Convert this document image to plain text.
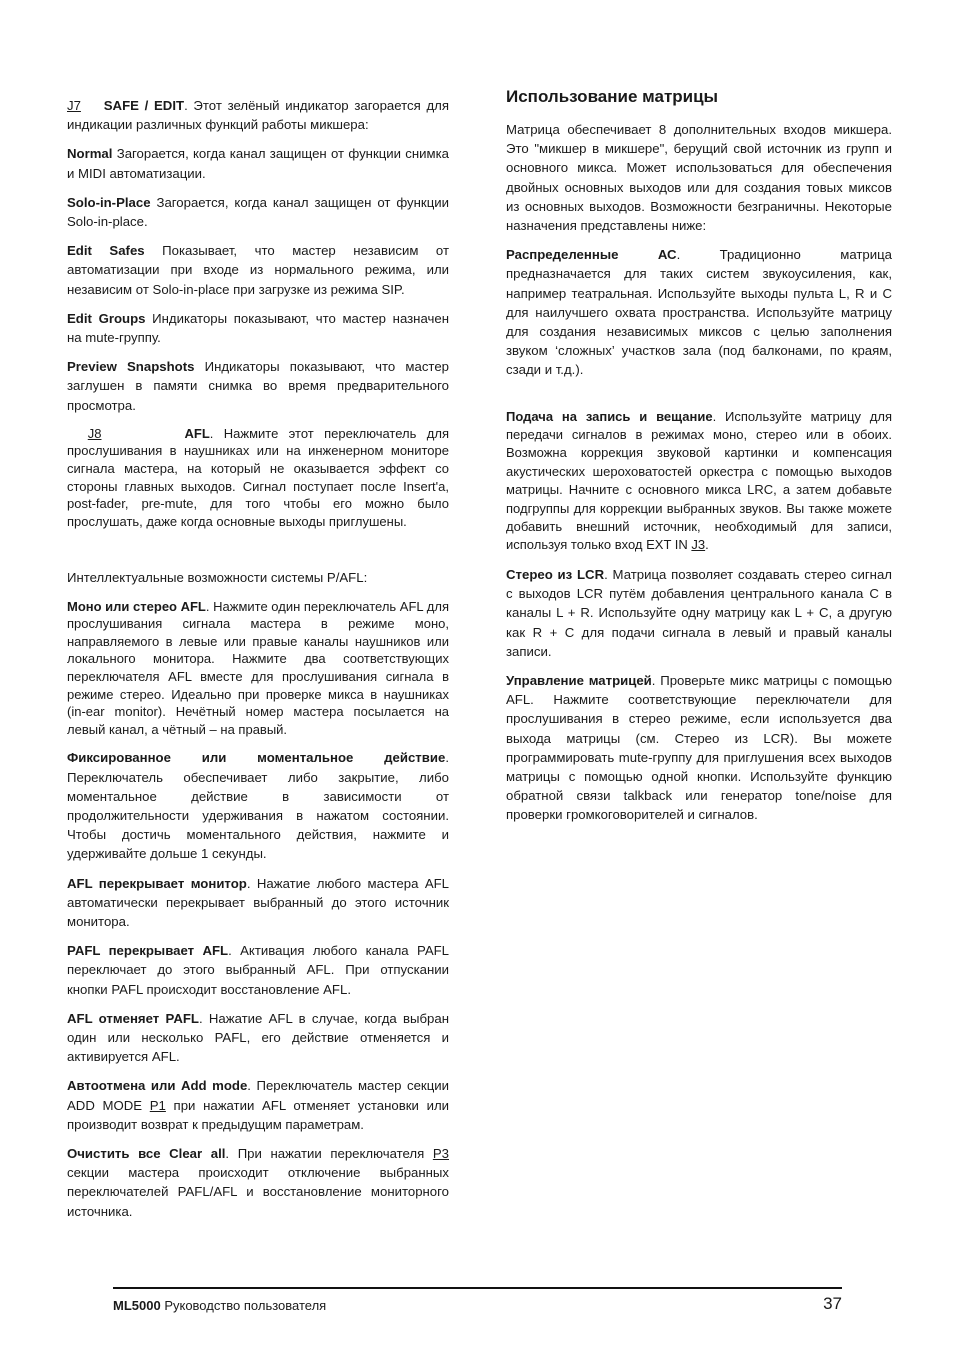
J7 SAFE / EDIT. Этот зелёный индикатор загорается для индикации различных функций работы микшера:

Normal Загорается, когда канал защищен от функции снимка и MIDI автоматизации.

Solo-in-Place Загорается, когда канал защищен от функции Solo-in-place.

Edit Safes Показывает, что мастер независим от автоматизации при входе из нормального режима, или независим от Solo-in-place при загрузке из режима SIP.

Edit Groups Индикаторы показывают, что мастер назначен на mute-группу.

Preview Snapshots Индикаторы показывают, что мастер заглушен в памяти снимка во время предварительного просмотра.

J8	AFL. Нажмите этот переключатель для прослушивания в наушниках или на инженерном мониторе сигнала мастера, на который не оказывается эффект со стороны главных выходов. Сигнал поступает после Insert'a, post-fader, pre-mute, для того чтобы его можно было прослушать, даже когда основные выходы приглушены.

Интеллектуальные возможности системы P/AFL:

Моно или стерео AFL. Нажмите один переключатель AFL для прослушивания сигнала мастера в режиме моно, направляемого в левые или правые каналы наушников или локального монитора. Нажмите два соответствующих переключателя AFL вместе для прослушивания сигнала в режиме стерео. Идеально при проверке микса в наушниках (in-ear monitor). Нечётный номер мастера посылается на левый канал, а чётный – на правый.

Фиксированное или моментальное действие. Переключатель обеспечивает либо закрытие, либо моментальное действие в зависимости от продолжительности удерживания в нажатом состоянии. Чтобы достичь моментального действия, нажмите и удерживайте дольше 1 секунды.

AFL перекрывает монитор. Нажатие любого мастера AFL автоматически перекрывает выбранный до этого источник монитора.

PAFL перекрывает AFL. Активация любого канала PAFL переключает до этого выбранный AFL. При отпускании кнопки PAFL происходит восстановление AFL.

AFL отменяет PAFL. Нажатие AFL в случае, когда выбран один или несколько PAFL, его действие отменяется и активируется AFL.

Автоотмена или Add mode. Переключатель мастер секции ADD MODE P1 при нажатии AFL отменяет установки или производит возврат к предыдущим параметрам.

Очистить все Clear all. При нажатии переключателя P3 секции мастера происходит отключение выбранных переключателей PAFL/AFL и восстановление мониторного источника.

Использование матрицы

Матрица обеспечивает 8 дополнительных входов микшера. Это "микшер в микшере", берущий свой источник из групп и основного микса. Может использоваться для обеспечения двойных основных выходов или для создания товых миксов из основных выходов. Возможности безграничны. Некоторые назначения представлены ниже:

Распределенные АС. Традиционно матрица предназначается для таких систем звукоусиления, как, например театральная. Используйте выходы пульта L, R и C для наилучшего охвата пространства. Используйте матрицу для создания независимых миксов с целью заполнения звуком ‘сложных’ участков зала (под балконами, по краям, сзади и т.д.).

Подача на запись и вещание. Используйте матрицу для передачи сигналов в режимах моно, стерео или в обоих. Возможна коррекция звуковой картинки и компенсация акустических шероховатостей оркестра с помощью выходов матрицы. Начните с основного микса LRC, а затем добавьте подгруппы для коррекции выбранных звуков. Вы также можете добавить внешний источник, необходимый для записи, используя только вход EXT IN J3.

Стерео из LCR. Матрица позволяет создавать стерео сигнал с выходов LCR путём добавления центрального канала C в каналы L + R. Используйте одну матрицу как L + C, а другую как R + C для подачи сигнала в левый и правый каналы записи.

Управление матрицей. Проверьте микс матрицы с помощью AFL. Нажмите соответствующие переключатели для прослушивания в стерео режиме, если используется два выхода матрицы (см. Стерео из LCR). Вы можете программировать mute-группу для приглушения всех выходов матрицы с помощью одной кнопки. Используйте функцию обратной связи talkback или генератор tone/noise для проверки громкоговорителей и сигналов.

ML5000 Руководство пользователя	37
